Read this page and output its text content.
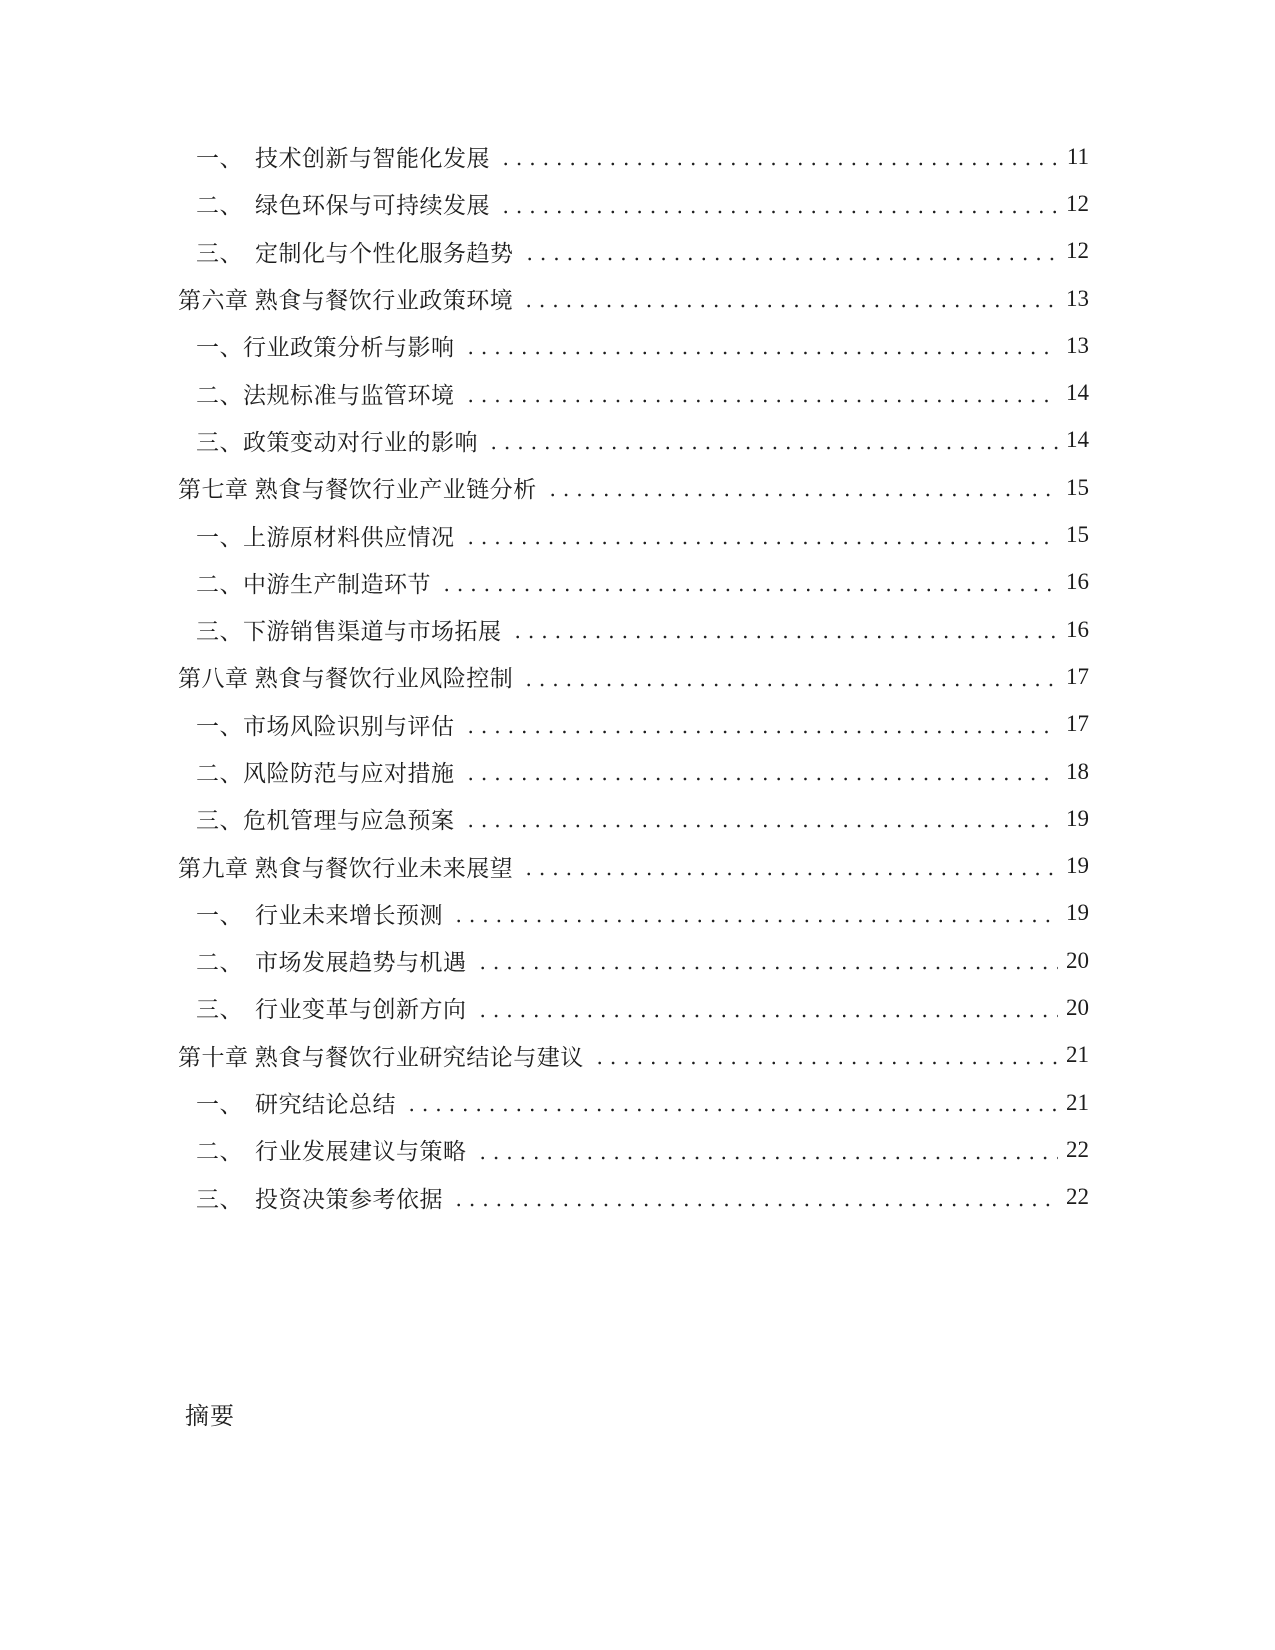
一、　技术创新与智能化发展	11
二、　绿色环保与可持续发展	12
三、　定制化与个性化服务趋势	12
第六章 熟食与餐饮行业政策环境	13
一、行业政策分析与影响	13
二、法规标准与监管环境	14
三、政策变动对行业的影响	14
第七章 熟食与餐饮行业产业链分析	15
一、上游原材料供应情况	15
二、中游生产制造环节	16
三、下游销售渠道与市场拓展	16
第八章 熟食与餐饮行业风险控制	17
一、市场风险识别与评估	17
二、风险防范与应对措施	18
三、危机管理与应急预案	19
第九章 熟食与餐饮行业未来展望	19
一、　行业未来增长预测	19
二、　市场发展趋势与机遇	20
三、　行业变革与创新方向	20
第十章 熟食与餐饮行业研究结论与建议	21
一、　研究结论总结	21
二、　行业发展建议与策略	22
三、　投资决策参考依据	22
摘要
